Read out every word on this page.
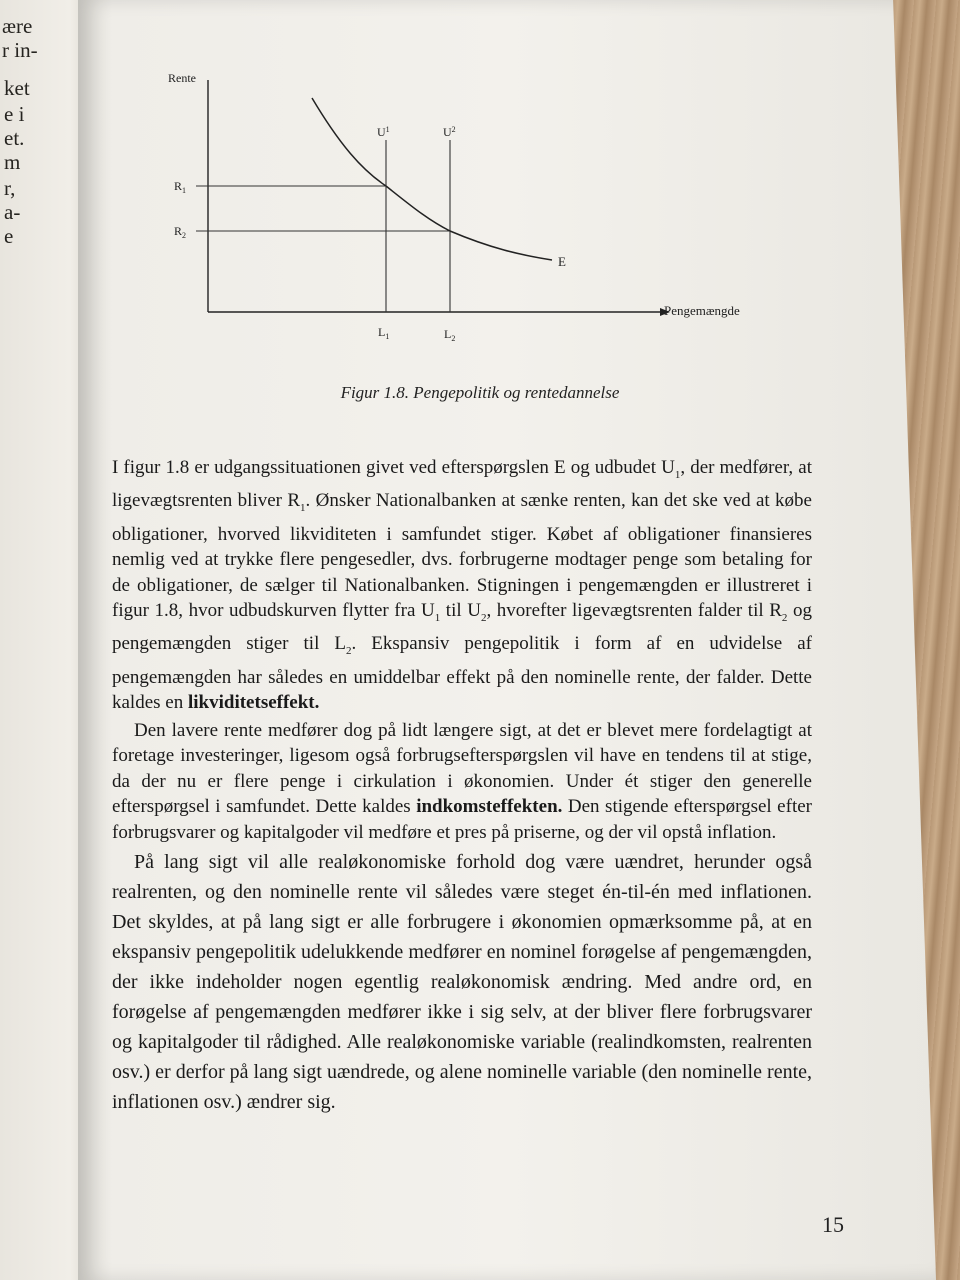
ære
r in-
ket
e i
et.
m
r,
a-
e
Rente
Pengemængde
$U^1$	$U^2$
$R_1$
$R_2$
$L_1$	$L_2$
E
Figur 1.8. Pengepolitik og rentedannelse

I figur 1.8 er udgangssituationen givet ved efterspørgslen E og udbudet $U_1$, der medfører, at ligevægtsrenten bliver $R_1$. Ønsker Nationalbanken at sænke renten, kan det ske ved at købe obligationer, hvorved likviditeten i samfundet stiger. Købet af obligationer finansieres nemlig ved at trykke flere pengesedler, dvs. forbrugerne modtager penge som betaling for de obligationer, de sælger til Nationalbanken. Stigningen i pengemængden er illustreret i figur 1.8, hvor udbudskurven flytter fra $U_1$ til $U_2$, hvorefter ligevægtsrenten falder til $R_2$ og pengemængden stiger til $L_2$. Ekspansiv pengepolitik i form af en udvidelse af pengemængden har således en umiddelbar effekt på den nominelle rente, der falder. Dette kaldes en likviditetseffekt.

Den lavere rente medfører dog på lidt længere sigt, at det er blevet mere fordelagtigt at foretage investeringer, ligesom også forbrugsefterspørgslen vil have en tendens til at stige, da der nu er flere penge i cirkulation i økonomien. Under ét stiger den generelle efterspørgsel i samfundet. Dette kaldes indkomsteffekten. Den stigende efterspørgsel efter forbrugsvarer og kapitalgoder vil medføre et pres på priserne, og der vil opstå inflation.

På lang sigt vil alle realøkonomiske forhold dog være uændret, herunder også realrenten, og den nominelle rente vil således være steget én-til-én med inflationen. Det skyldes, at på lang sigt er alle forbrugere i økonomien opmærksomme på, at en ekspansiv pengepolitik udelukkende medfører en nominel forøgelse af pengemængden, der ikke indeholder nogen egentlig realøkonomisk ændring. Med andre ord, en forøgelse af pengemængden medfører ikke i sig selv, at der bliver flere forbrugsvarer og kapitalgoder til rådighed. Alle realøkonomiske variable (realindkomsten, realrenten osv.) er derfor på lang sigt uændrede, og alene nominelle variable (den nominelle rente, inflationen osv.) ændrer sig.

15
